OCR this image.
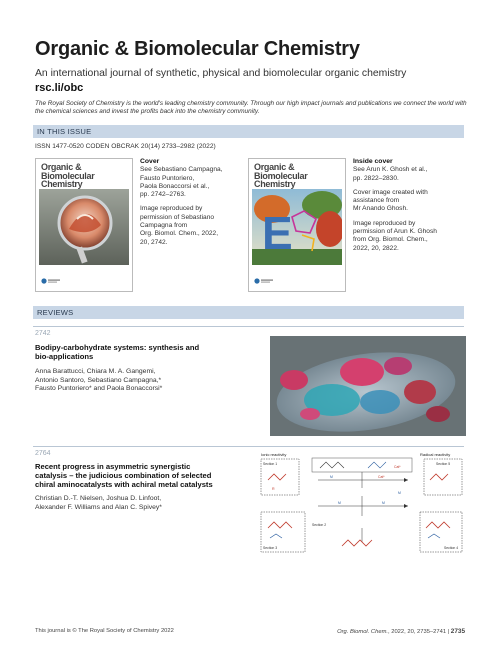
Organic & Biomolecular Chemistry
An international journal of synthetic, physical and biomolecular organic chemistry
rsc.li/obc
The Royal Society of Chemistry is the world's leading chemistry community. Through our high impact journals and publications we connect the world with the chemical sciences and invest the profits back into the chemistry community.
IN THIS ISSUE
ISSN 1477-0520 CODEN OBCRAK 20(14) 2733–2982 (2022)
Organic &
Biomolecular
Chemistry

Cover

See Sebastiano Campagna,
Fausto Puntoriero,
Paola Bonaccorsi et al.,
pp. 2742–2763.

Image reproduced by
permission of Sebastiano
Campagna from
Org. Biomol. Chem., 2022,
20, 2742.

Organic &
Biomolecular
Chemistry
E

Inside cover

See Arun K. Ghosh et al.,
pp. 2822–2830.

Cover image created with
assistance from
Mr Anando Ghosh.

Image reproduced by
permission of Arun K. Ghosh
from Org. Biomol. Chem.,
2022, 20, 2822.

REVIEWS
2742
Bodipy-carbohydrate systems: synthesis and
bio-applications
Anna Barattucci, Chiara M. A. Gangemi,
Antonio Santoro, Sebastiano Campagna,*
Fausto Puntoriero* and Paola Bonaccorsi*
2764
Recent progress in asymmetric synergistic
catalysis – the judicious combination of selected
chiral aminocatalysts with achiral metal catalysts
Christian D.-T. Nielsen, Joshua D. Linfoot,
Alexander F. Williams and Alan C. Spivey*
Ionic reactivity	Radical reactivity
Section 1
R
Section 5
Cat*
M	Cat*
M
M	M
Section 3	Section 4
Section 2
This journal is © The Royal Society of Chemistry 2022	Org. Biomol. Chem., 2022, 20, 2735–2741 | 2735
